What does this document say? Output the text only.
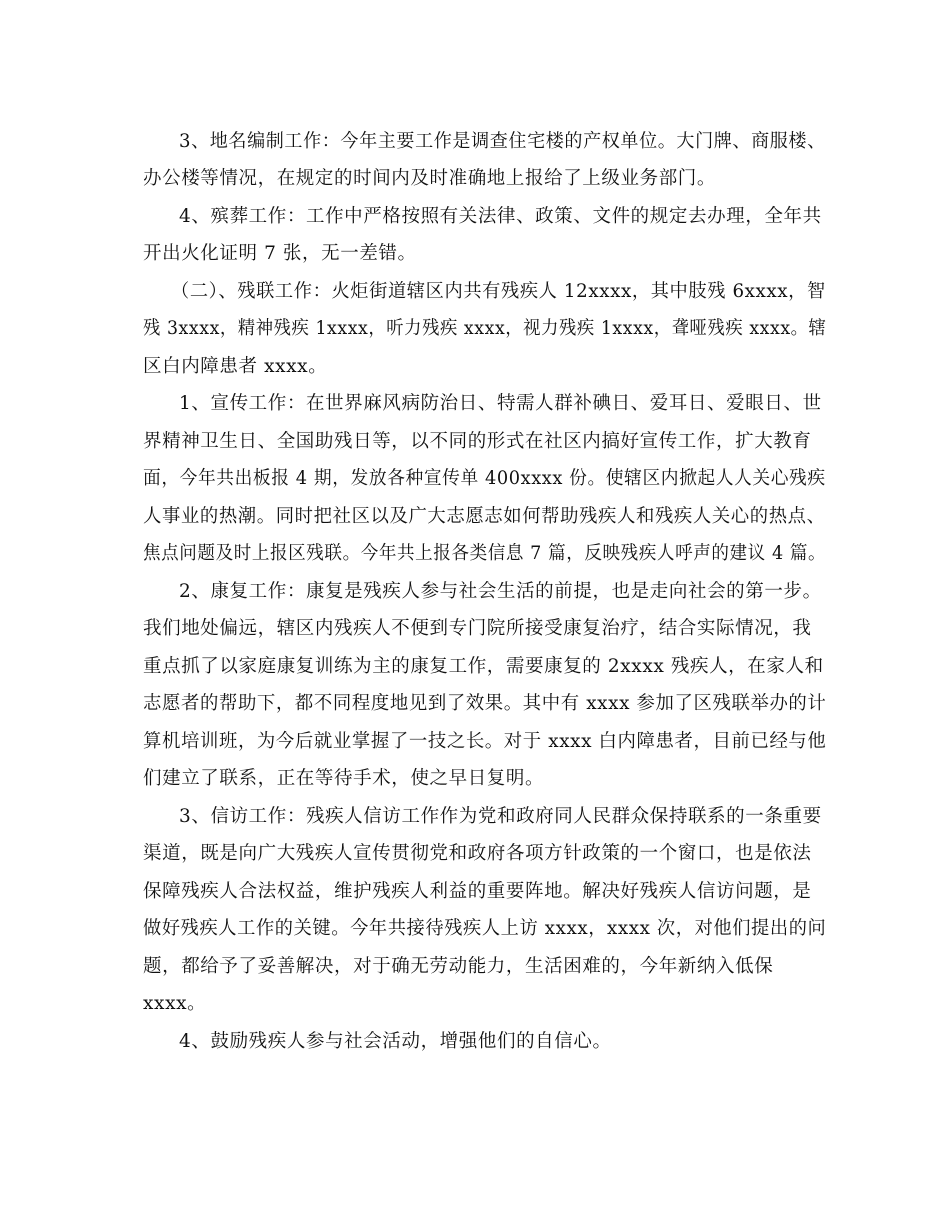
3、地名编制工作：今年主要工作是调查住宅楼的产权单位。大门牌、商服楼、
办公楼等情况，在规定的时间内及时准确地上报给了上级业务部门。
4、殡葬工作：工作中严格按照有关法律、政策、文件的规定去办理，全年共
开出火化证明 7 张，无一差错。
（二）、残联工作：火炬街道辖区内共有残疾人 12xxxx，其中肢残 6xxxx，智
残 3xxxx，精神残疾 1xxxx，听力残疾 xxxx，视力残疾 1xxxx，聋哑残疾 xxxx。辖
区白内障患者 xxxx。
1、宣传工作：在世界麻风病防治日、特需人群补碘日、爱耳日、爱眼日、世
界精神卫生日、全国助残日等，以不同的形式在社区内搞好宣传工作，扩大教育
面，今年共出板报 4 期，发放各种宣传单 400xxxx 份。使辖区内掀起人人关心残疾
人事业的热潮。同时把社区以及广大志愿志如何帮助残疾人和残疾人关心的热点、
焦点问题及时上报区残联。今年共上报各类信息 7 篇，反映残疾人呼声的建议 4 篇。
2、康复工作：康复是残疾人参与社会生活的前提，也是走向社会的第一步。
我们地处偏远，辖区内残疾人不便到专门院所接受康复治疗，结合实际情况，我
重点抓了以家庭康复训练为主的康复工作，需要康复的 2xxxx 残疾人，在家人和
志愿者的帮助下，都不同程度地见到了效果。其中有 xxxx 参加了区残联举办的计
算机培训班，为今后就业掌握了一技之长。对于 xxxx 白内障患者，目前已经与他
们建立了联系，正在等待手术，使之早日复明。
3、信访工作：残疾人信访工作作为党和政府同人民群众保持联系的一条重要
渠道，既是向广大残疾人宣传贯彻党和政府各项方针政策的一个窗口，也是依法
保障残疾人合法权益，维护残疾人利益的重要阵地。解决好残疾人信访问题，是
做好残疾人工作的关键。今年共接待残疾人上访 xxxx，xxxx 次，对他们提出的问
题，都给予了妥善解决，对于确无劳动能力，生活困难的，今年新纳入低保
xxxx。
4、鼓励残疾人参与社会活动，增强他们的自信心。
